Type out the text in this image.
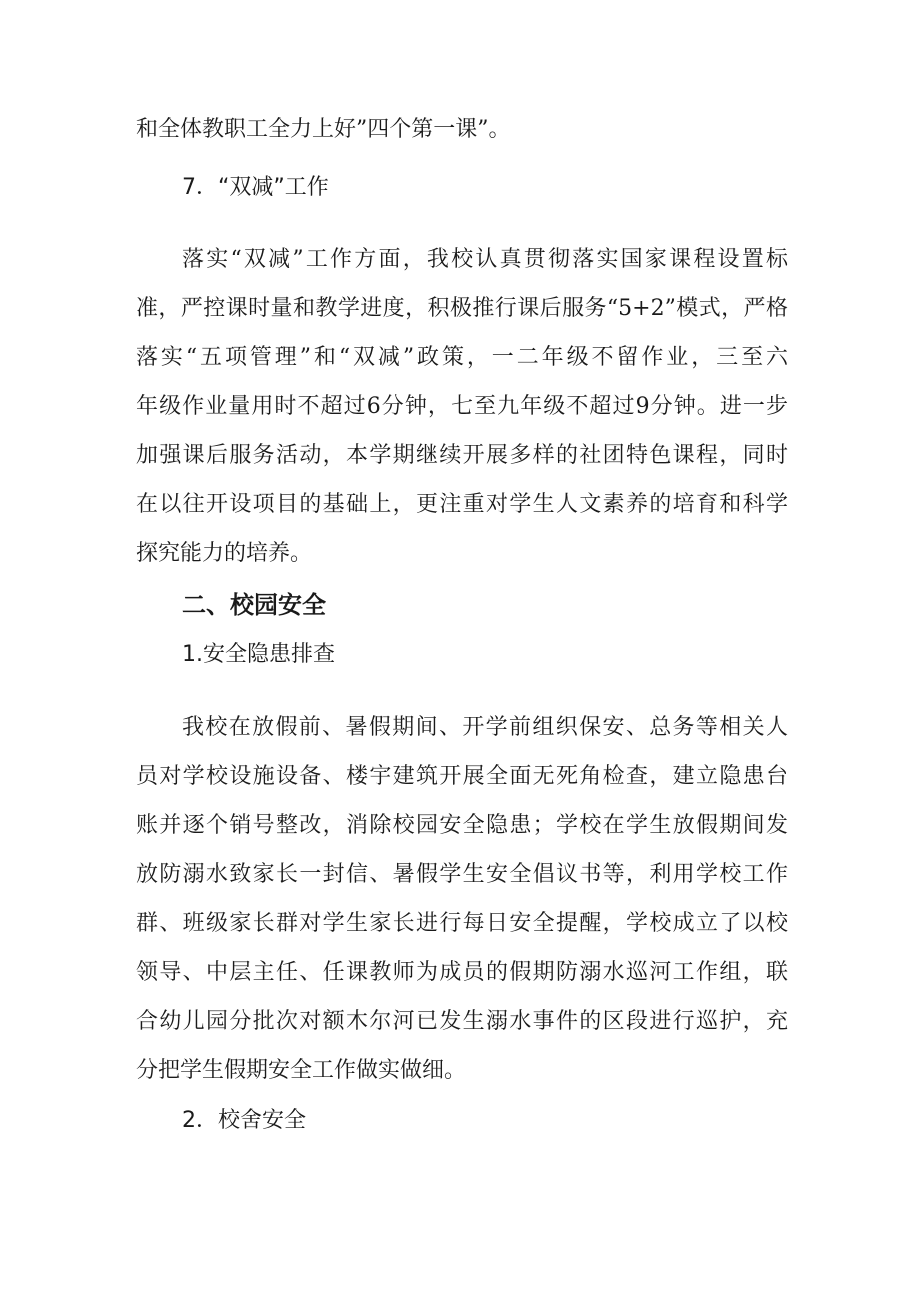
和全体教职工全力上好”四个第一课”。
7．“双减”工作
落实“双减”工作方面，我校认真贯彻落实国家课程设置标
准，严控课时量和教学进度，积极推行课后服务“5+2”模式，严格
落实“五项管理”和“双减”政策，一二年级不留作业，三至六
年级作业量用时不超过6分钟，七至九年级不超过9分钟。进一步
加强课后服务活动，本学期继续开展多样的社团特色课程，同时
在以往开设项目的基础上，更注重对学生人文素养的培育和科学
探究能力的培养。
二、校园安全
1.安全隐患排查
我校在放假前、暑假期间、开学前组织保安、总务等相关人
员对学校设施设备、楼宇建筑开展全面无死角检查，建立隐患台
账并逐个销号整改，消除校园安全隐患；学校在学生放假期间发
放防溺水致家长一封信、暑假学生安全倡议书等，利用学校工作
群、班级家长群对学生家长进行每日安全提醒，学校成立了以校
领导、中层主任、任课教师为成员的假期防溺水巡河工作组，联
合幼儿园分批次对额木尔河已发生溺水事件的区段进行巡护，充
分把学生假期安全工作做实做细。
2．校舍安全
